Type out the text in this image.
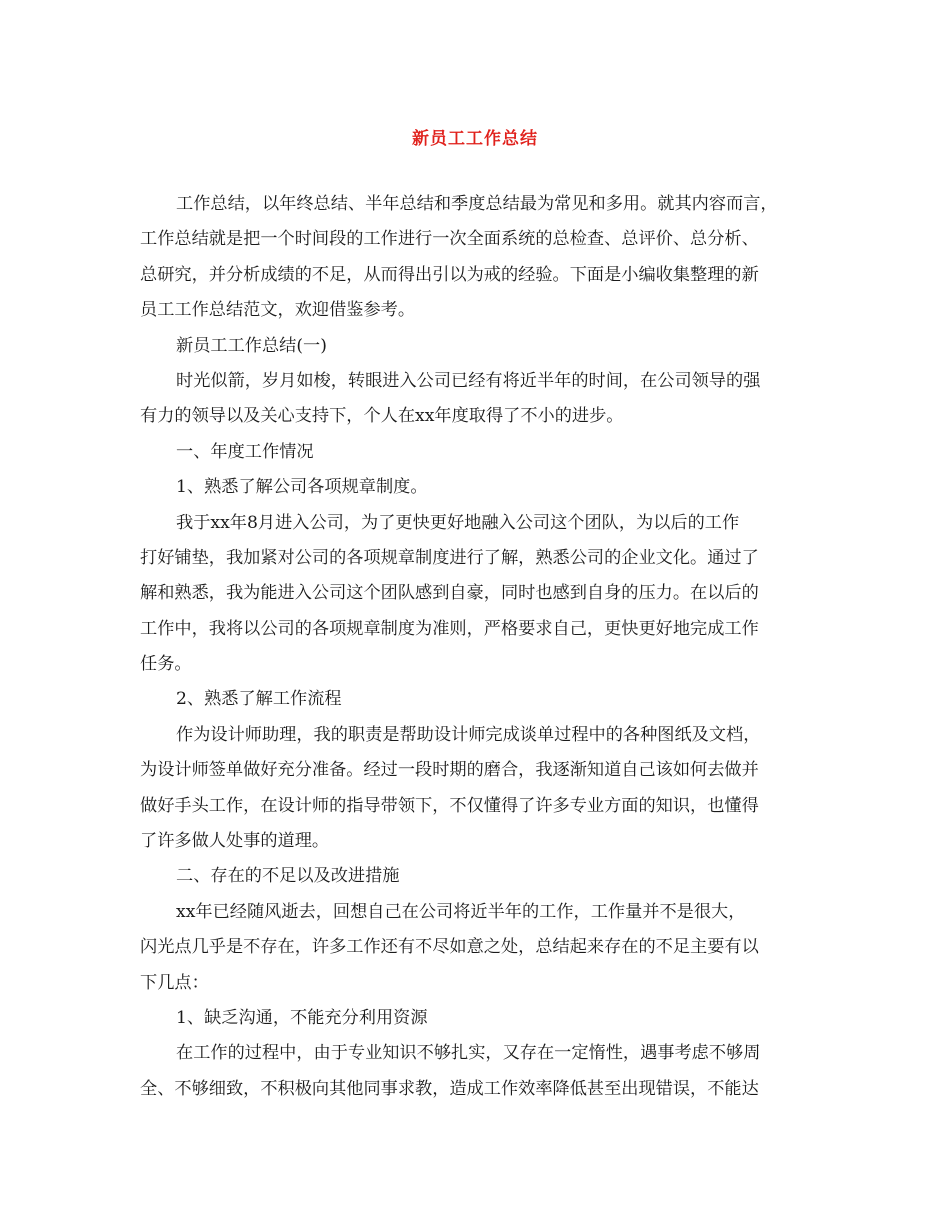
新员工工作总结
工作总结，以年终总结、半年总结和季度总结最为常见和多用。就其内容而言，
工作总结就是把一个时间段的工作进行一次全面系统的总检查、总评价、总分析、
总研究，并分析成绩的不足，从而得出引以为戒的经验。下面是小编收集整理的新
员工工作总结范文，欢迎借鉴参考。
新员工工作总结(一)
时光似箭，岁月如梭，转眼进入公司已经有将近半年的时间，在公司领导的强
有力的领导以及关心支持下，个人在xx年度取得了不小的进步。
一、年度工作情况
1、熟悉了解公司各项规章制度。
我于xx年8月进入公司，为了更快更好地融入公司这个团队，为以后的工作
打好铺垫，我加紧对公司的各项规章制度进行了解，熟悉公司的企业文化。通过了
解和熟悉，我为能进入公司这个团队感到自豪，同时也感到自身的压力。在以后的
工作中，我将以公司的各项规章制度为准则，严格要求自己，更快更好地完成工作
任务。
2、熟悉了解工作流程
作为设计师助理，我的职责是帮助设计师完成谈单过程中的各种图纸及文档，
为设计师签单做好充分准备。经过一段时期的磨合，我逐渐知道自己该如何去做并
做好手头工作，在设计师的指导带领下，不仅懂得了许多专业方面的知识，也懂得
了许多做人处事的道理。
二、存在的不足以及改进措施
xx年已经随风逝去，回想自己在公司将近半年的工作，工作量并不是很大，
闪光点几乎是不存在，许多工作还有不尽如意之处，总结起来存在的不足主要有以
下几点：
1、缺乏沟通，不能充分利用资源
在工作的过程中，由于专业知识不够扎实，又存在一定惰性，遇事考虑不够周
全、不够细致，不积极向其他同事求教，造成工作效率降低甚至出现错误，不能达
